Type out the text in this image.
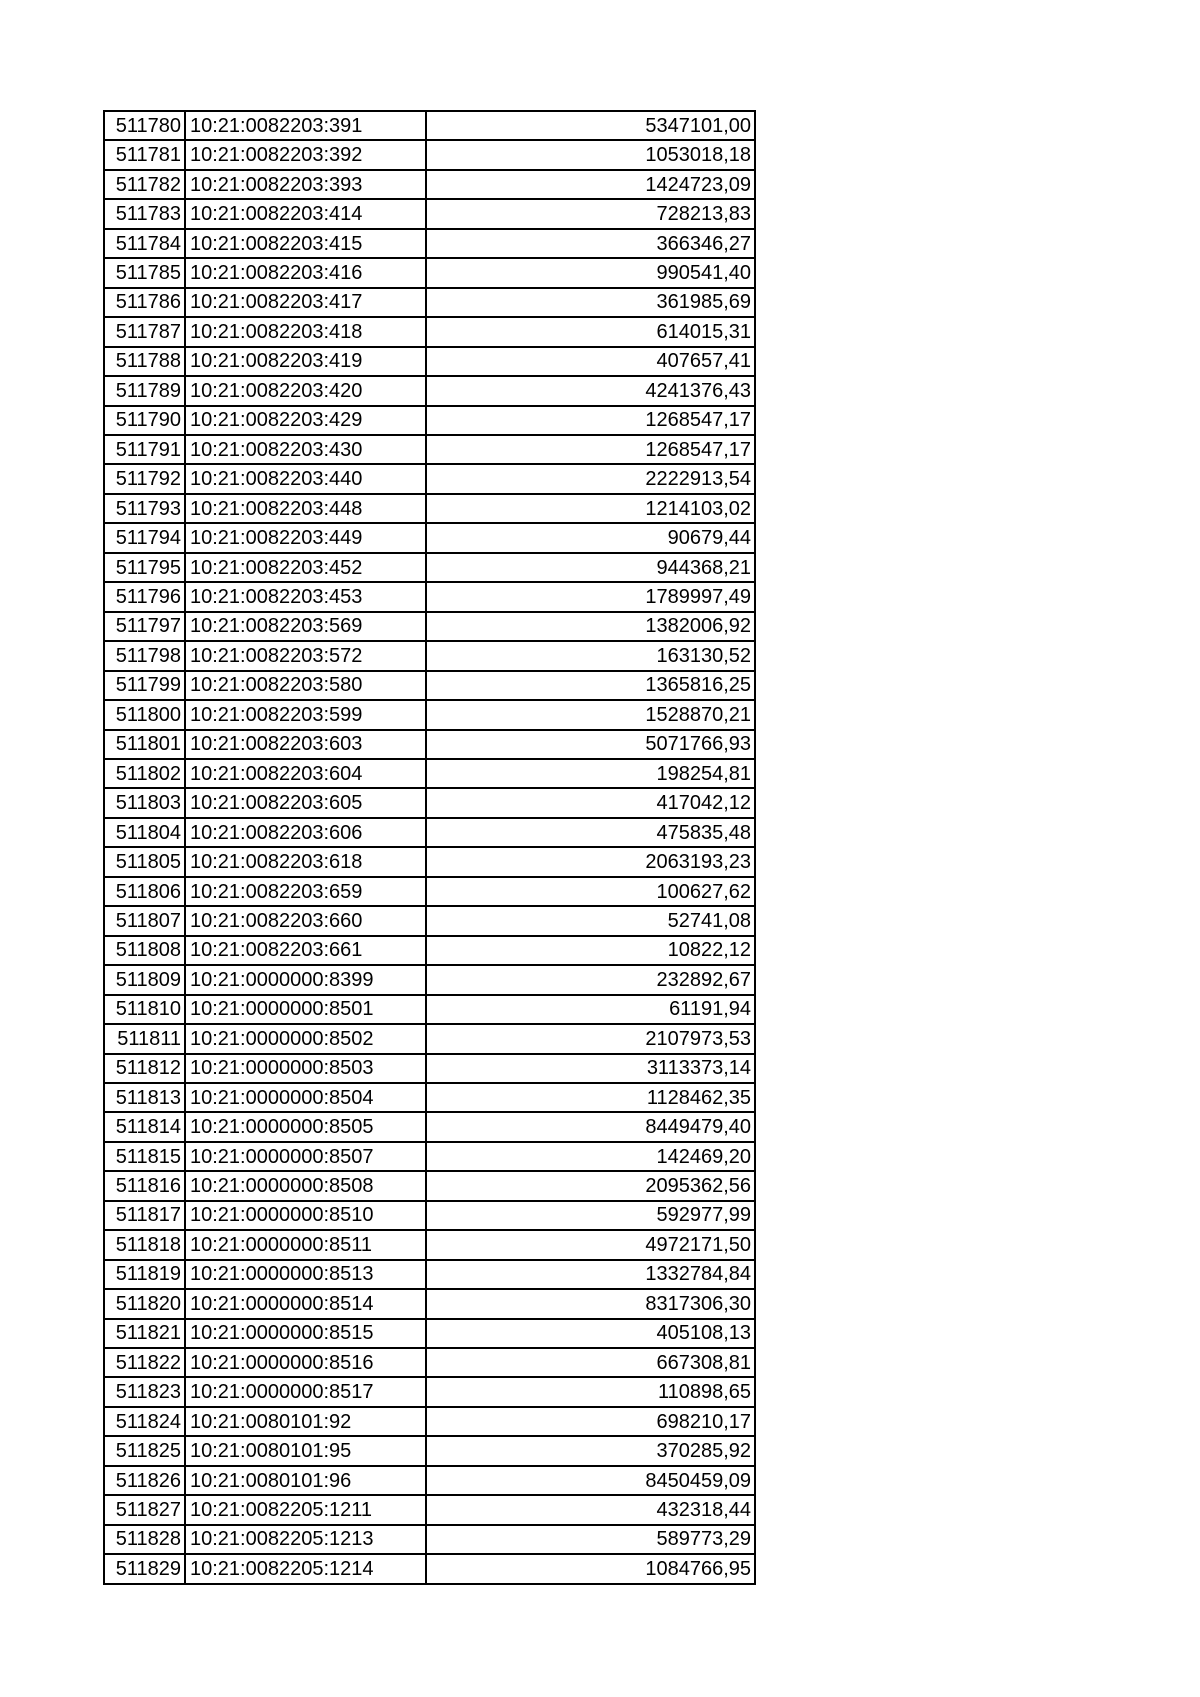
511780	10:21:0082203:391	5347101,00
511781	10:21:0082203:392	1053018,18
511782	10:21:0082203:393	1424723,09
511783	10:21:0082203:414	728213,83
511784	10:21:0082203:415	366346,27
511785	10:21:0082203:416	990541,40
511786	10:21:0082203:417	361985,69
511787	10:21:0082203:418	614015,31
511788	10:21:0082203:419	407657,41
511789	10:21:0082203:420	4241376,43
511790	10:21:0082203:429	1268547,17
511791	10:21:0082203:430	1268547,17
511792	10:21:0082203:440	2222913,54
511793	10:21:0082203:448	1214103,02
511794	10:21:0082203:449	90679,44
511795	10:21:0082203:452	944368,21
511796	10:21:0082203:453	1789997,49
511797	10:21:0082203:569	1382006,92
511798	10:21:0082203:572	163130,52
511799	10:21:0082203:580	1365816,25
511800	10:21:0082203:599	1528870,21
511801	10:21:0082203:603	5071766,93
511802	10:21:0082203:604	198254,81
511803	10:21:0082203:605	417042,12
511804	10:21:0082203:606	475835,48
511805	10:21:0082203:618	2063193,23
511806	10:21:0082203:659	100627,62
511807	10:21:0082203:660	52741,08
511808	10:21:0082203:661	10822,12
511809	10:21:0000000:8399	232892,67
511810	10:21:0000000:8501	61191,94
511811	10:21:0000000:8502	2107973,53
511812	10:21:0000000:8503	3113373,14
511813	10:21:0000000:8504	1128462,35
511814	10:21:0000000:8505	8449479,40
511815	10:21:0000000:8507	142469,20
511816	10:21:0000000:8508	2095362,56
511817	10:21:0000000:8510	592977,99
511818	10:21:0000000:8511	4972171,50
511819	10:21:0000000:8513	1332784,84
511820	10:21:0000000:8514	8317306,30
511821	10:21:0000000:8515	405108,13
511822	10:21:0000000:8516	667308,81
511823	10:21:0000000:8517	110898,65
511824	10:21:0080101:92	698210,17
511825	10:21:0080101:95	370285,92
511826	10:21:0080101:96	8450459,09
511827	10:21:0082205:1211	432318,44
511828	10:21:0082205:1213	589773,29
511829	10:21:0082205:1214	1084766,95
